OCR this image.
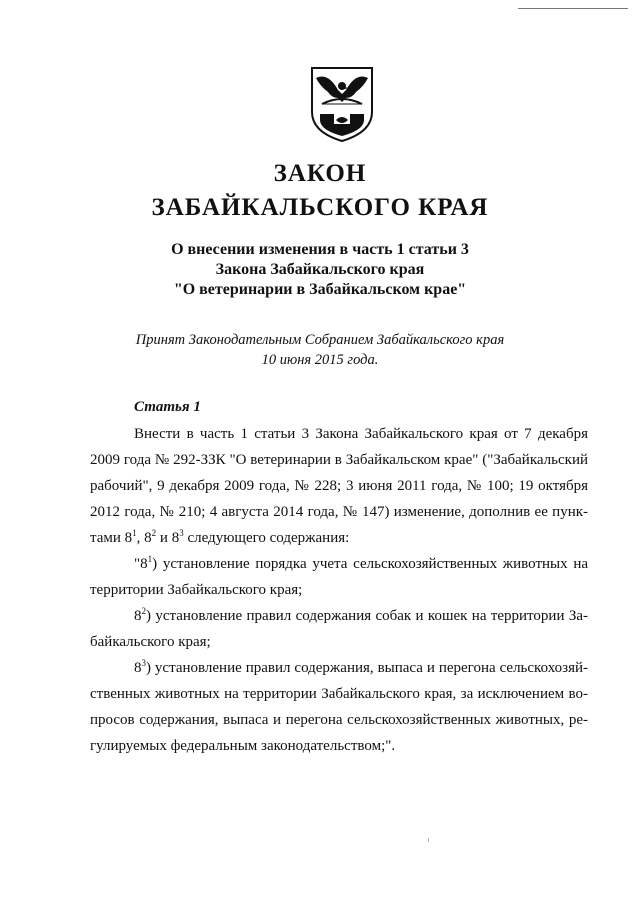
ЗАКОН
ЗАБАЙКАЛЬСКОГО КРАЯ
О внесении изменения в часть 1 статьи 3
Закона Забайкальского края
"О ветеринарии в Забайкальском крае"
Принят Законодательным Собранием Забайкальского края
10 июня 2015 года.
Статья 1
Внести в часть 1 статьи 3 Закона Забайкальского края от 7 декабря
2009 года № 292-ЗЗК "О ветеринарии в Забайкальском крае" ("Забайкальский
рабочий", 9 декабря 2009 года, № 228; 3 июня 2011 года, № 100; 19 октября
2012 года, № 210; 4 августа 2014 года, № 147) изменение, дополнив ее пунк-
тами $8^1$, $8^2$ и $8^3$ следующего содержания:
"$8^1$) установление порядка учета сельскохозяйственных животных на
территории Забайкальского края;
$8^2$) установление правил содержания собак и кошек на территории За-
байкальского края;
$8^3$) установление правил содержания, выпаса и перегона сельскохозяй-
ственных животных на территории Забайкальского края, за исключением во-
просов содержания, выпаса и перегона сельскохозяйственных животных, ре-
гулируемых федеральным законодательством;".
